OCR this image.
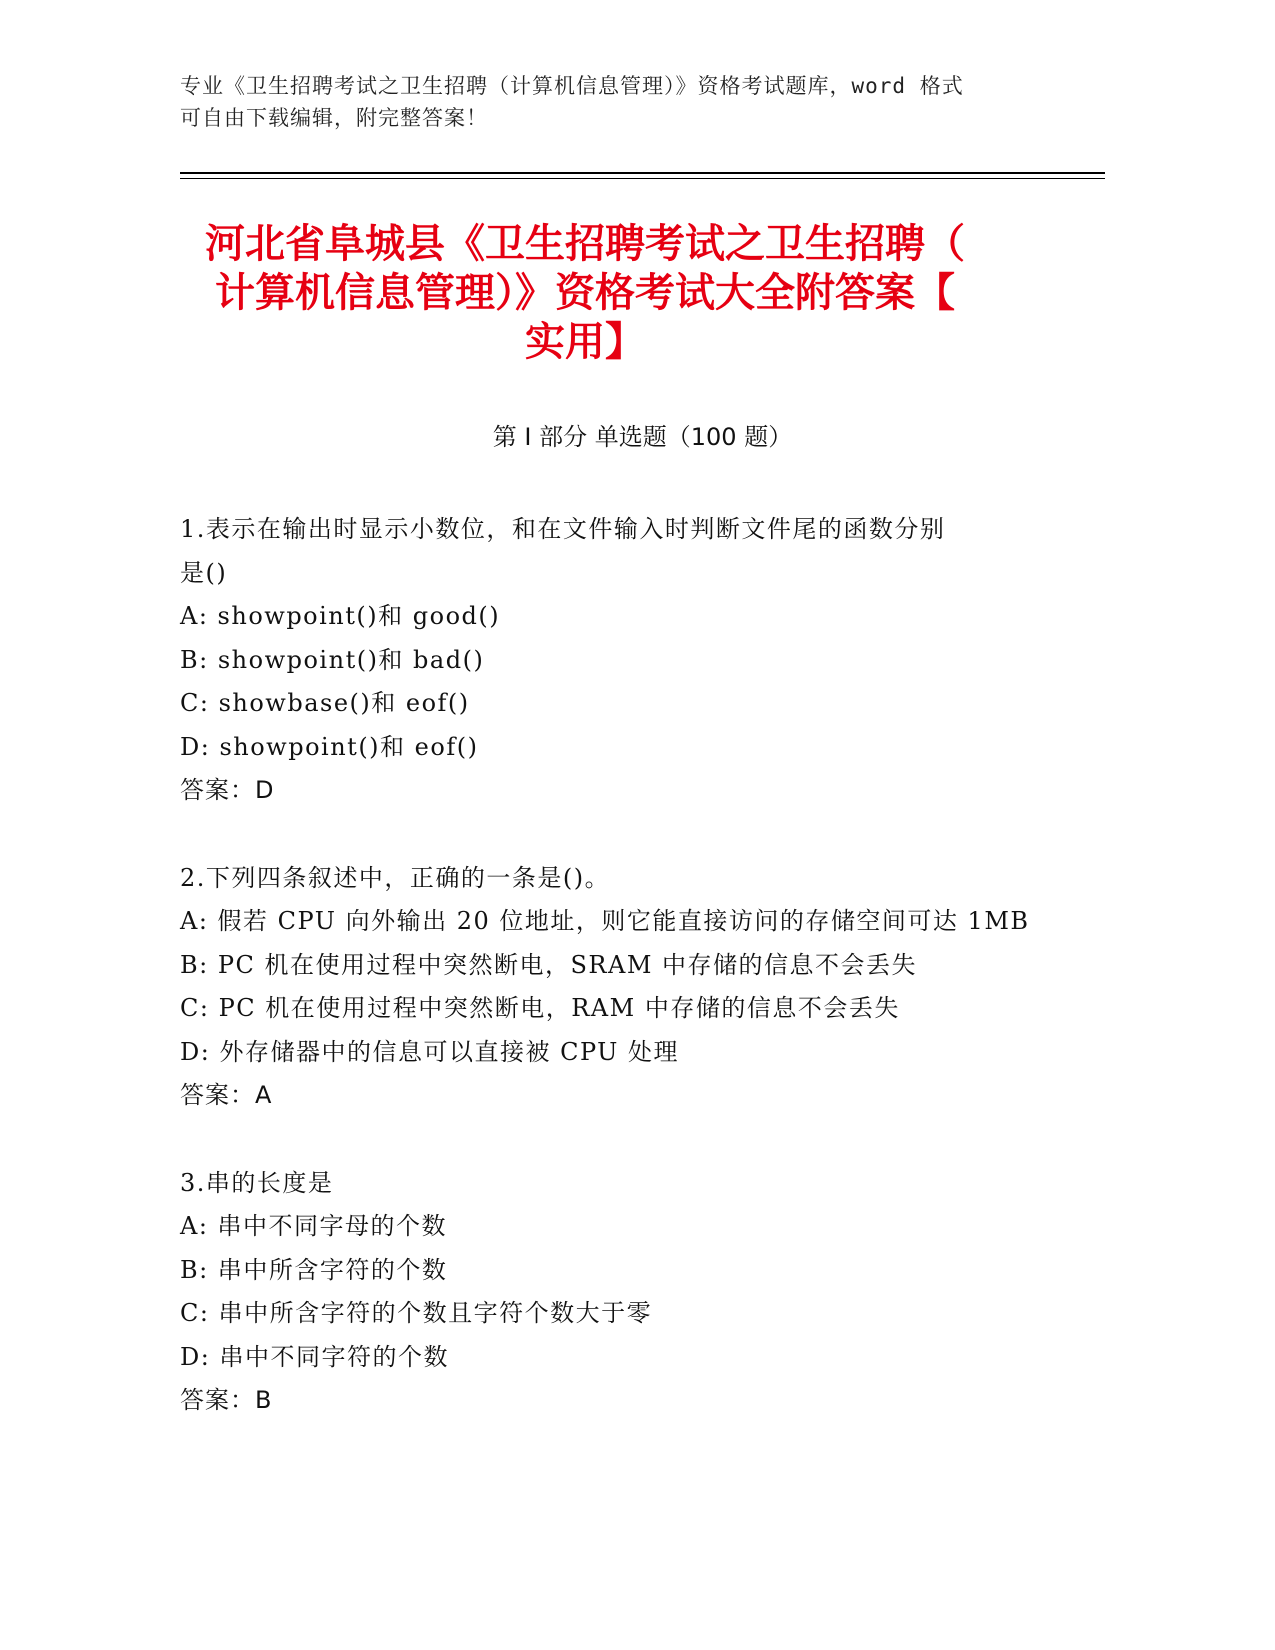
专业《卫生招聘考试之卫生招聘（计算机信息管理）》资格考试题库，word 格式
可自由下载编辑，附完整答案！
河北省阜城县《卫生招聘考试之卫生招聘（
计算机信息管理）》资格考试大全附答案【
实用】
第 I 部分 单选题（100 题）
1.表示在输出时显示小数位，和在文件输入时判断文件尾的函数分别
是()
A: showpoint()和 good()
B: showpoint()和 bad()
C: showbase()和 eof()
D: showpoint()和 eof()
答案：D
2.下列四条叙述中，正确的一条是()。
A: 假若 CPU 向外输出 20 位地址，则它能直接访问的存储空间可达 1MB
B: PC 机在使用过程中突然断电，SRAM 中存储的信息不会丢失
C: PC 机在使用过程中突然断电，RAM 中存储的信息不会丢失
D: 外存储器中的信息可以直接被 CPU 处理
答案：A
3.串的长度是
A: 串中不同字母的个数
B: 串中所含字符的个数
C: 串中所含字符的个数且字符个数大于零
D: 串中不同字符的个数
答案：B
